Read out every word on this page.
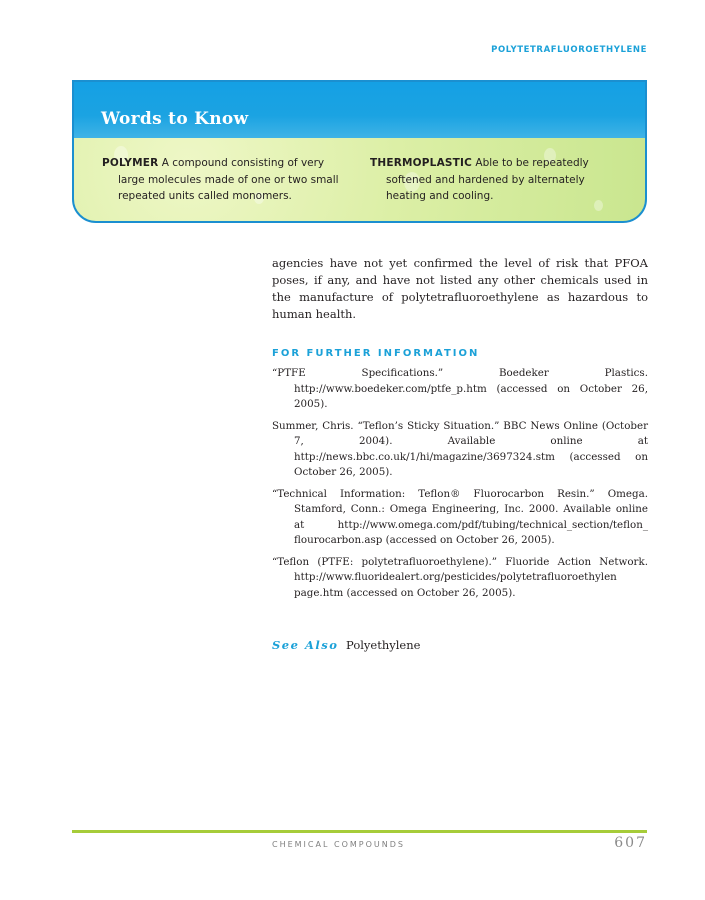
POLYTETRAFLUOROETHYLENE
Words to Know

POLYMER A compound consisting of very large molecules made of one or two small repeated units called monomers.

THERMOPLASTIC Able to be repeatedly softened and hardened by alternately heating and cooling.

agencies have not yet confirmed the level of risk that PFOA poses, if any, and have not listed any other chemicals used in the manufacture of polytetrafluoroethylene as hazardous to human health.
FOR FURTHER INFORMATION

“PTFE Specifications.” Boedeker Plastics. http://www.boedeker.com/ptfe_p.htm (accessed on October 26, 2005).

Summer, Chris. “Teflon’s Sticky Situation.” BBC News Online (October 7, 2004). Available online at http://news.bbc.co.uk/1/hi/magazine/3697324.stm (accessed on October 26, 2005).

“Technical Information: Teflon® Fluorocarbon Resin.” Omega. Stamford, Conn.: Omega Engineering, Inc. 2000. Available online at http://www.omega.com/pdf/tubing/technical_section/teflon_ flourocarbon.asp (accessed on October 26, 2005).

“Teflon (PTFE: polytetrafluoroethylene).” Fluoride Action Network. http://www.fluoridealert.org/pesticides/polytetrafluoroethylen page.htm (accessed on October 26, 2005).

See Also Polyethylene
CHEMICAL COMPOUNDS	607
